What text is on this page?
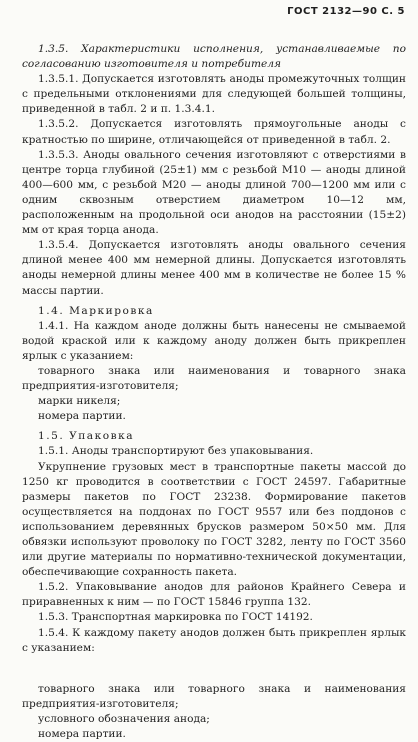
ГОСТ 2132—90 С. 5

1.3.5. Характеристики исполнения, устанавливаемые по согласованию изготовителя и потребителя

1.3.5.1. Допускается изготовлять аноды промежуточных толщин с предельными отклонениями для следующей большей толщины, приведенной в табл. 2 и п. 1.3.4.1.

1.3.5.2. Допускается изготовлять прямоугольные аноды с кратностью по ширине, отличающейся от приведенной в табл. 2.

1.3.5.3. Аноды овального сечения изготовляют с отверстиями в центре торца глубиной (25±1) мм с резьбой М10 — аноды длиной 400—600 мм, с резьбой М20 — аноды длиной 700—1200 мм или с одним сквозным отверстием диаметром 10—12 мм, расположенным на продольной оси анодов на расстоянии (15±2) мм от края торца анода.

1.3.5.4. Допускается изготовлять аноды овального сечения длиной менее 400 мм немерной длины. Допускается изготовлять аноды немерной длины менее 400 мм в количестве не более 15 % массы партии.

1.4. Маркировка

1.4.1. На каждом аноде должны быть нанесены не смываемой водой краской или к каждому аноду должен быть прикреплен ярлык с указанием:

товарного знака или наименования и товарного знака предприятия-изготовителя;

марки никеля;

номера партии.

1.5. Упаковка

1.5.1. Аноды транспортируют без упаковывания.

Укрупнение грузовых мест в транспортные пакеты массой до 1250 кг проводится в соответствии с ГОСТ 24597. Габаритные размеры пакетов по ГОСТ 23238. Формирование пакетов осуществляется на поддонах по ГОСТ 9557 или без поддонов с использованием деревянных брусков размером 50×50 мм. Для обвязки используют проволоку по ГОСТ 3282, ленту по ГОСТ 3560 или другие материалы по нормативно-технической документации, обеспечивающие сохранность пакета.

1.5.2. Упаковывание анодов для районов Крайнего Севера и приравненных к ним — по ГОСТ 15846 группа 132.

1.5.3. Транспортная маркировка по ГОСТ 14192.

1.5.4. К каждому пакету анодов должен быть прикреплен ярлык с указанием:

товарного знака или товарного знака и наименования предприятия-изготовителя;

условного обозначения анода;

номера партии.
